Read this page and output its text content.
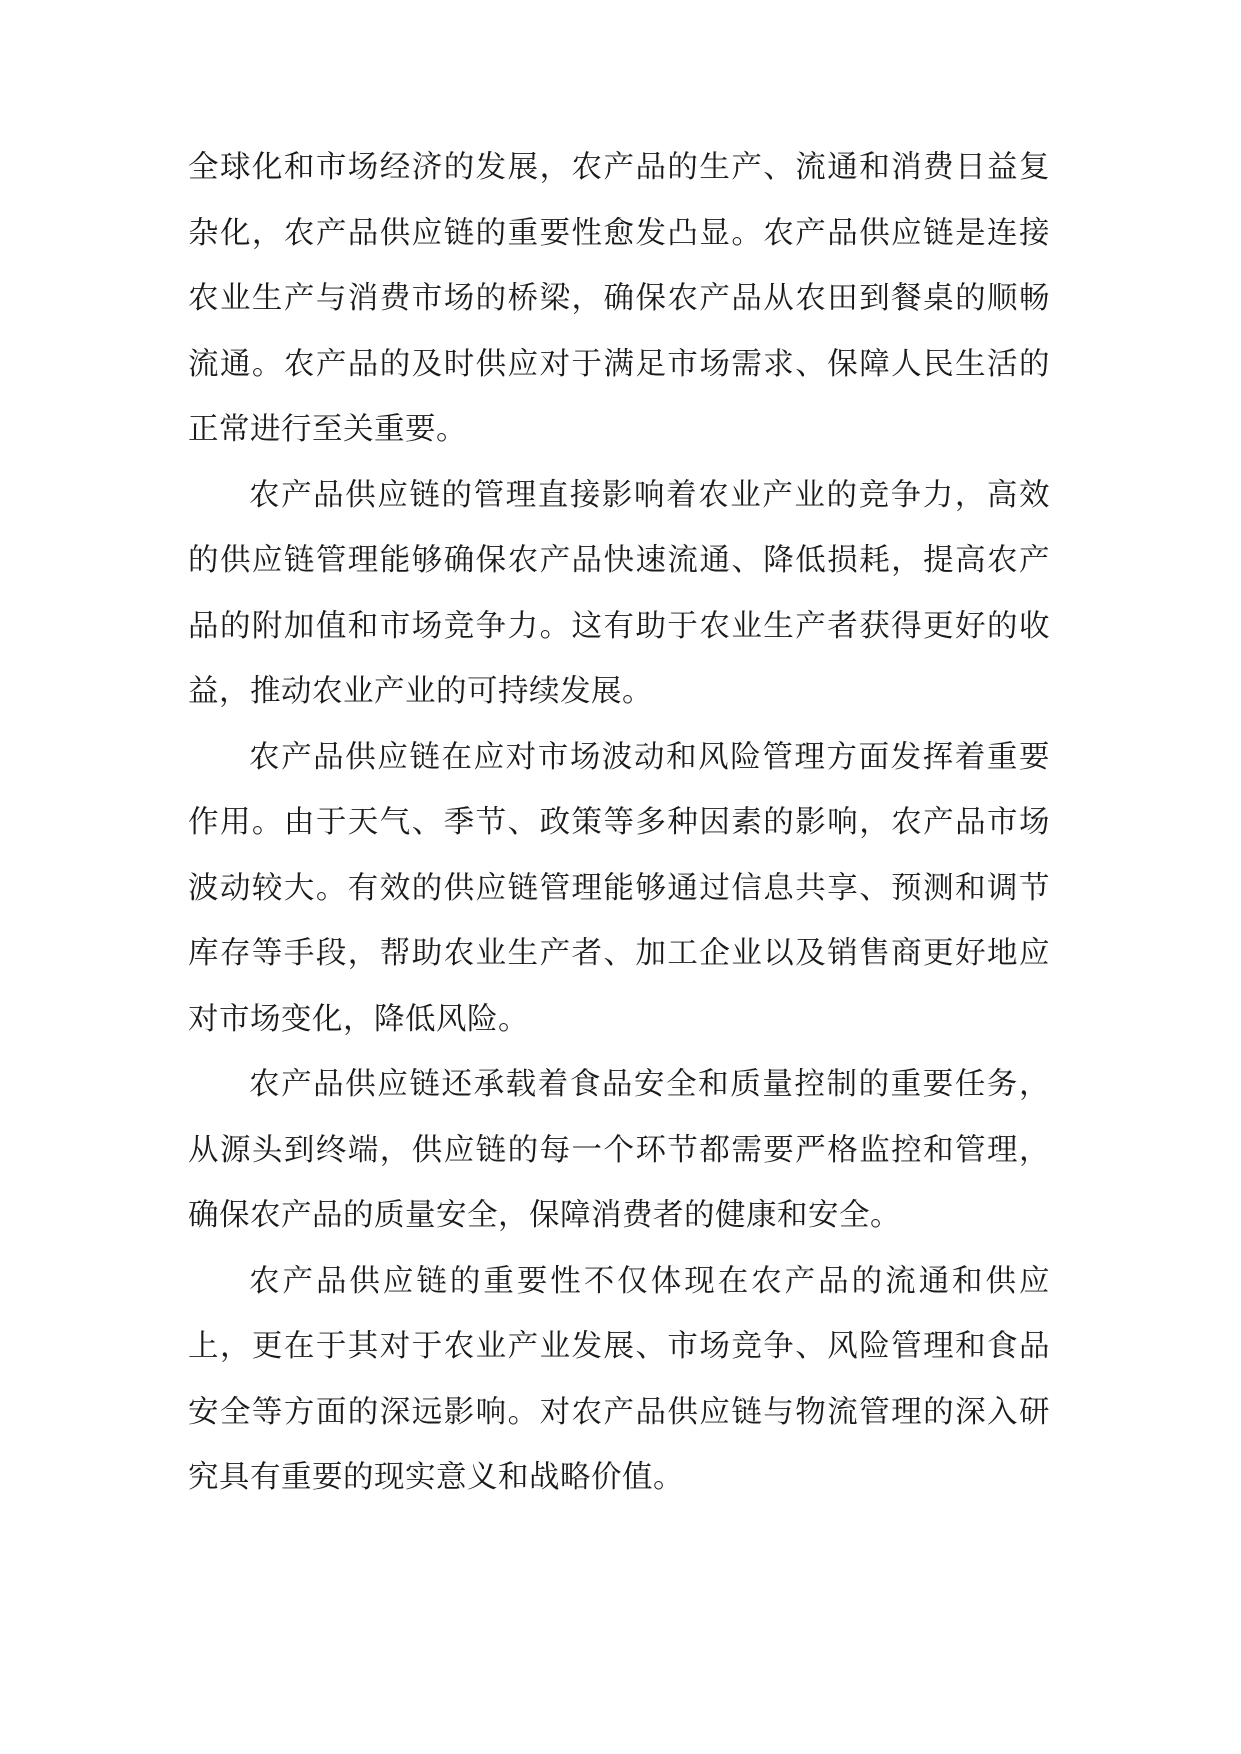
全球化和市场经济的发展，农产品的生产、流通和消费日益复杂化，农产品供应链的重要性愈发凸显。农产品供应链是连接农业生产与消费市场的桥梁，确保农产品从农田到餐桌的顺畅流通。农产品的及时供应对于满足市场需求、保障人民生活的正常进行至关重要。

农产品供应链的管理直接影响着农业产业的竞争力，高效的供应链管理能够确保农产品快速流通、降低损耗，提高农产品的附加值和市场竞争力。这有助于农业生产者获得更好的收益，推动农业产业的可持续发展。

农产品供应链在应对市场波动和风险管理方面发挥着重要作用。由于天气、季节、政策等多种因素的影响，农产品市场波动较大。有效的供应链管理能够通过信息共享、预测和调节库存等手段，帮助农业生产者、加工企业以及销售商更好地应对市场变化，降低风险。

农产品供应链还承载着食品安全和质量控制的重要任务，从源头到终端，供应链的每一个环节都需要严格监控和管理，确保农产品的质量安全，保障消费者的健康和安全。

农产品供应链的重要性不仅体现在农产品的流通和供应上，更在于其对于农业产业发展、市场竞争、风险管理和食品安全等方面的深远影响。对农产品供应链与物流管理的深入研究具有重要的现实意义和战略价值。
